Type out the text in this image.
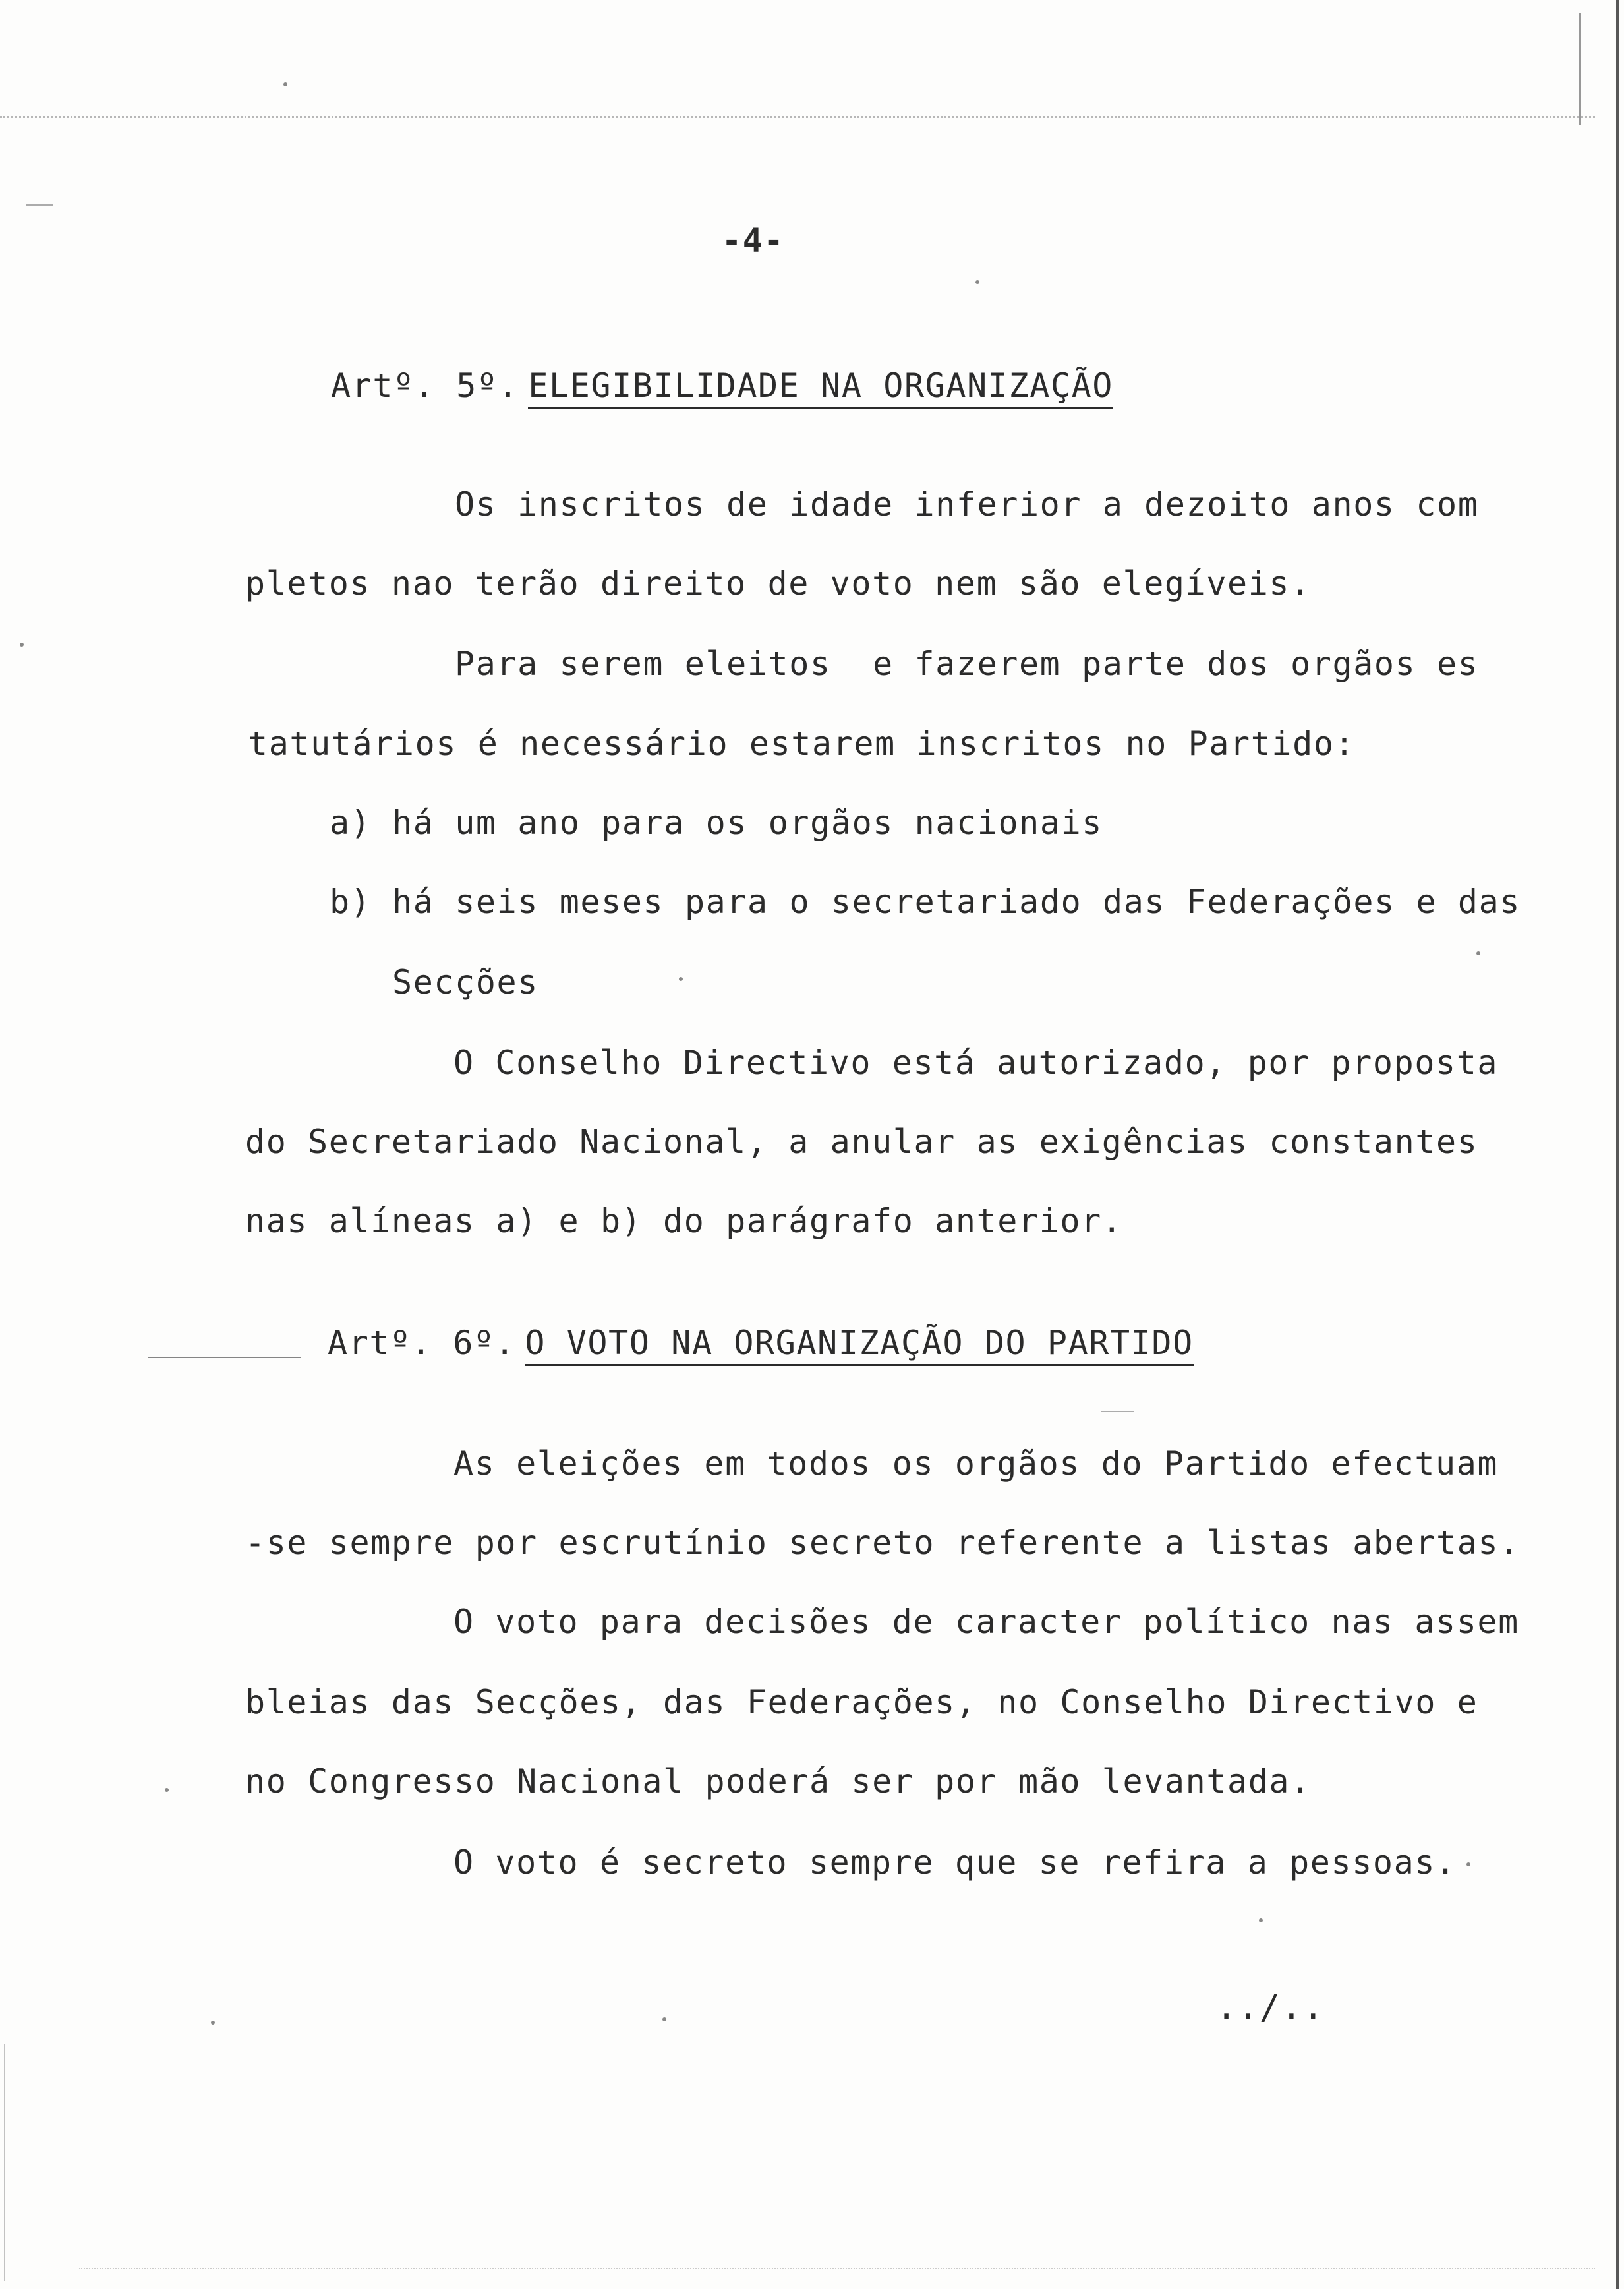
-4-
Artº. 5º. ELEGIBILIDADE NA ORGANIZAÇÃO
Os inscritos de idade inferior a dezoito anos com
pletos nao terão direito de voto nem são elegíveis.
Para serem eleitos  e fazerem parte dos orgãos es
tatutários é necessário estarem inscritos no Partido:
a) há um ano para os orgãos nacionais
b) há seis meses para o secretariado das Federações e das
Secções
O Conselho Directivo está autorizado, por proposta
do Secretariado Nacional, a anular as exigências constantes
nas alíneas a) e b) do parágrafo anterior.
Artº. 6º. O VOTO NA ORGANIZAÇÃO DO PARTIDO
As eleições em todos os orgãos do Partido efectuam
-se sempre por escrutínio secreto referente a listas abertas.
O voto para decisões de caracter político nas assem
bleias das Secções, das Federações, no Conselho Directivo e
no Congresso Nacional poderá ser por mão levantada.
O voto é secreto sempre que se refira a pessoas.
../..
